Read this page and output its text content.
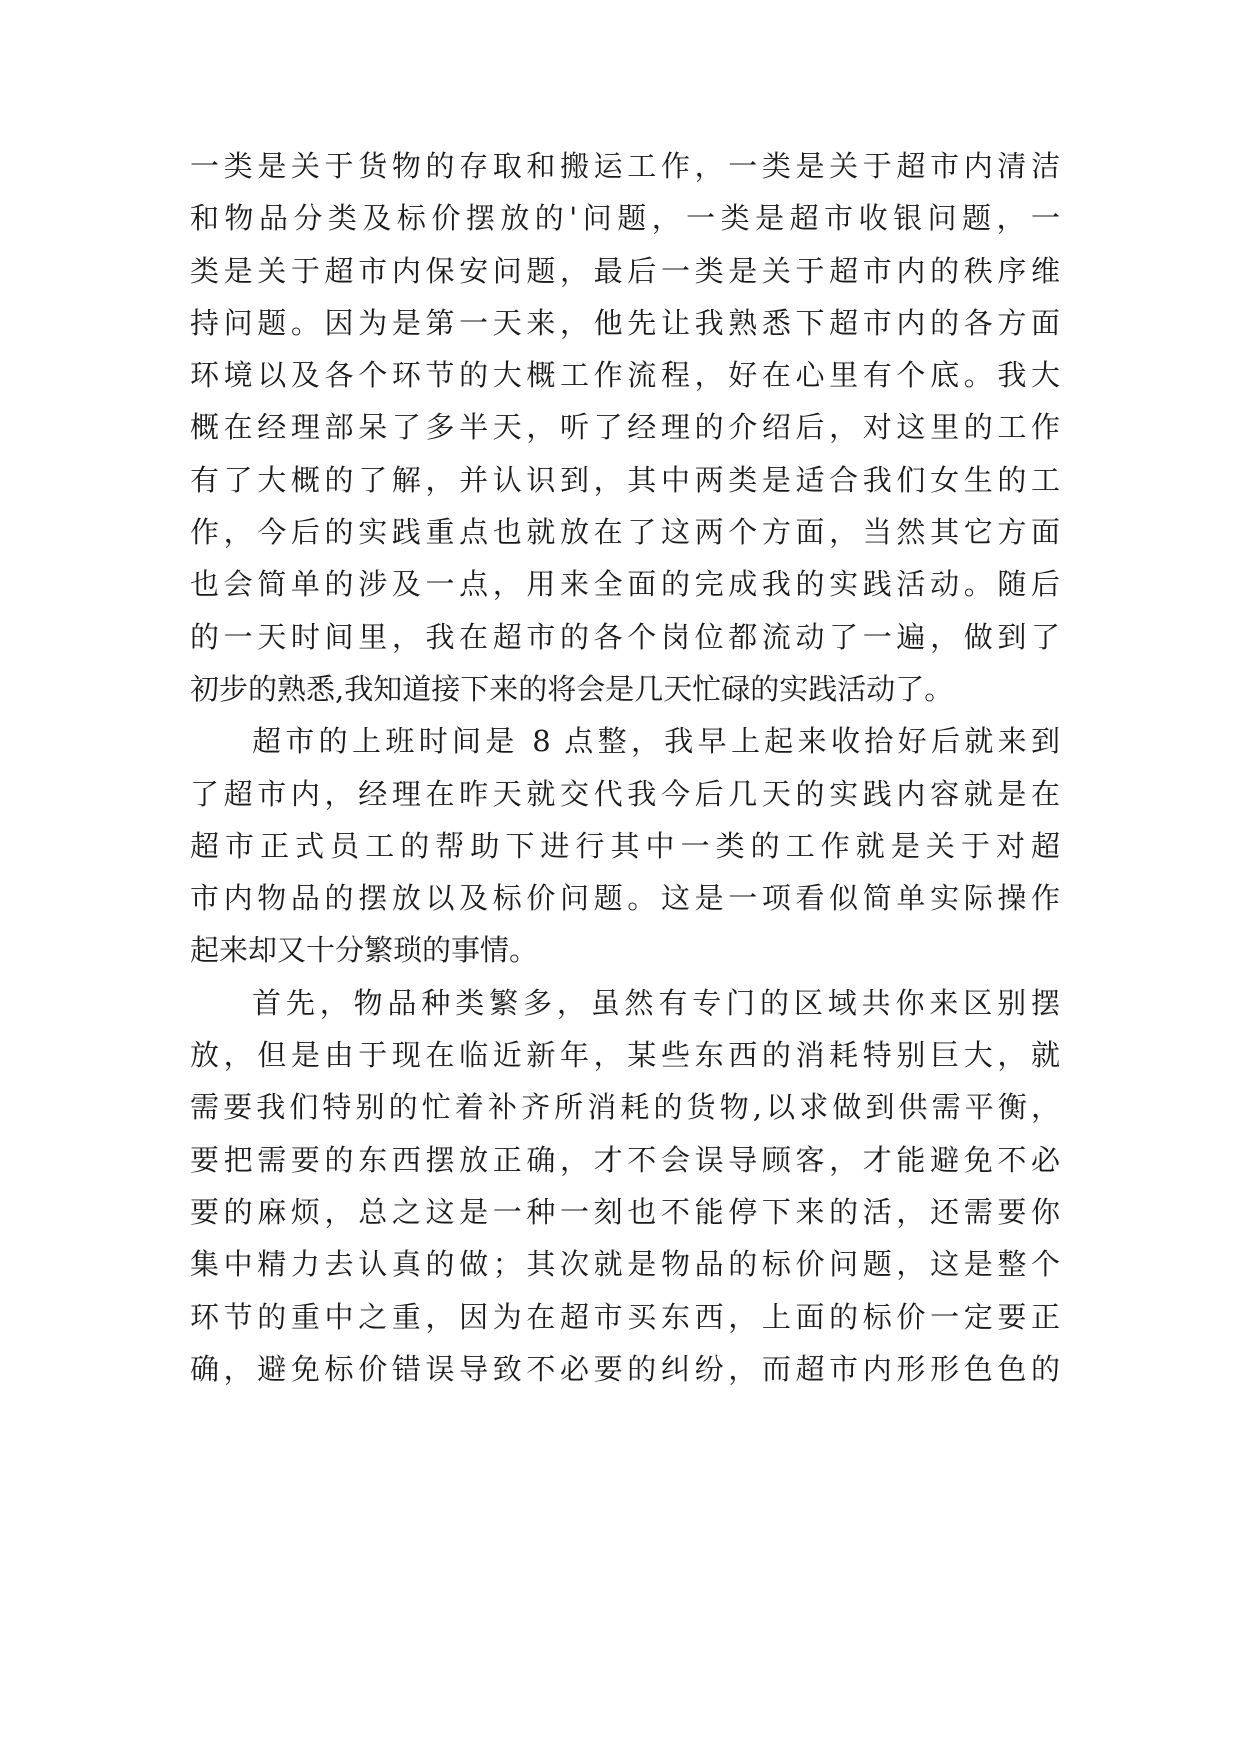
一类是关于货物的存取和搬运工作，一类是关于超市内清洁
和物品分类及标价摆放的'问题，一类是超市收银问题，一
类是关于超市内保安问题，最后一类是关于超市内的秩序维
持问题。因为是第一天来，他先让我熟悉下超市内的各方面
环境以及各个环节的大概工作流程，好在心里有个底。我大
概在经理部呆了多半天，听了经理的介绍后，对这里的工作
有了大概的了解，并认识到，其中两类是适合我们女生的工
作，今后的实践重点也就放在了这两个方面，当然其它方面
也会简单的涉及一点，用来全面的完成我的实践活动。随后
的一天时间里，我在超市的各个岗位都流动了一遍，做到了
初步的熟悉,我知道接下来的将会是几天忙碌的实践活动了。
超市的上班时间是 8 点整，我早上起来收拾好后就来到
了超市内，经理在昨天就交代我今后几天的实践内容就是在
超市正式员工的帮助下进行其中一类的工作就是关于对超
市内物品的摆放以及标价问题。这是一项看似简单实际操作
起来却又十分繁琐的事情。
首先，物品种类繁多，虽然有专门的区域共你来区别摆
放，但是由于现在临近新年，某些东西的消耗特别巨大，就
需要我们特别的忙着补齐所消耗的货物,以求做到供需平衡，
要把需要的东西摆放正确，才不会误导顾客，才能避免不必
要的麻烦，总之这是一种一刻也不能停下来的活，还需要你
集中精力去认真的做；其次就是物品的标价问题，这是整个
环节的重中之重，因为在超市买东西，上面的标价一定要正
确，避免标价错误导致不必要的纠纷，而超市内形形色色的
